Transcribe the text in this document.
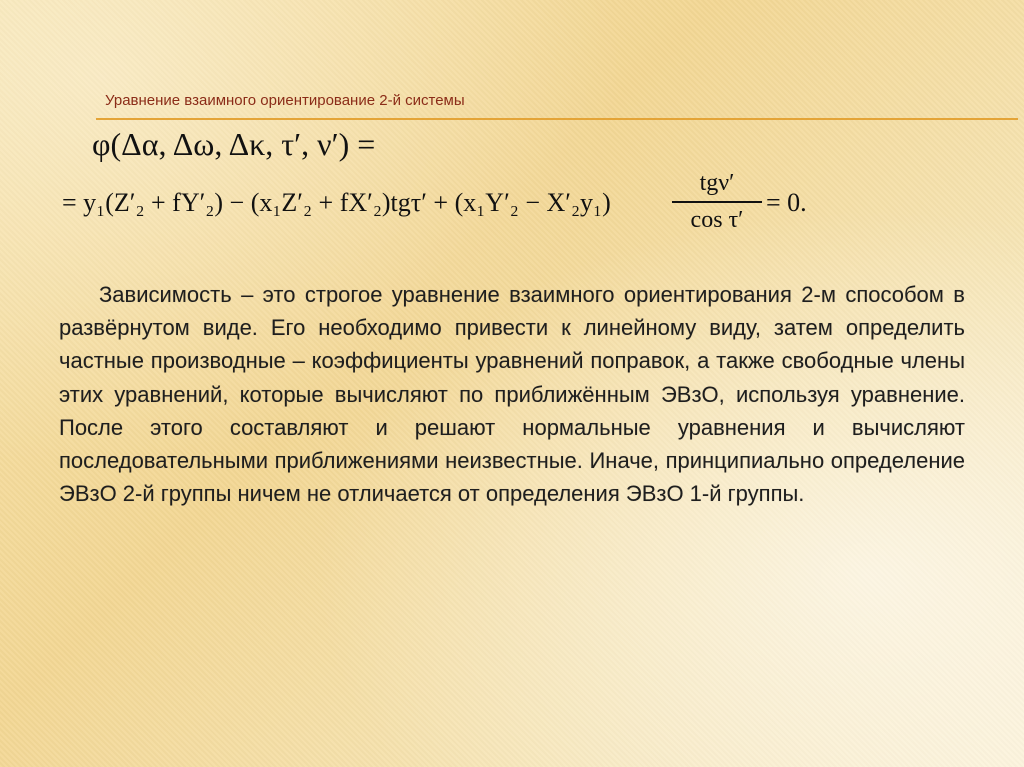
Уравнение взаимного ориентирование 2-й системы
φ(Δα, Δω, Δκ, τ′, ν′) =
= y₁(Z′₂ + fY′₂) − (x₁Z′₂ + fX′₂)tgτ′ + (x₁Y′₂ − X′₂y₁)
tgν′
cos τ′
= 0.
Зависимость – это строгое уравнение взаимного ориентирования 2-м способом в развёрнутом виде. Его необходимо привести к линейному виду, затем определить частные производные – коэффициенты уравнений поправок, а также свободные члены этих уравнений, которые вычисляют по приближённым ЭВзО, используя уравнение. После этого составляют и решают нормальные уравнения и вычисляют последовательными приближениями неизвестные. Иначе, принципиально определение ЭВзО 2-й группы ничем не отличается от определения ЭВзО 1-й группы.
